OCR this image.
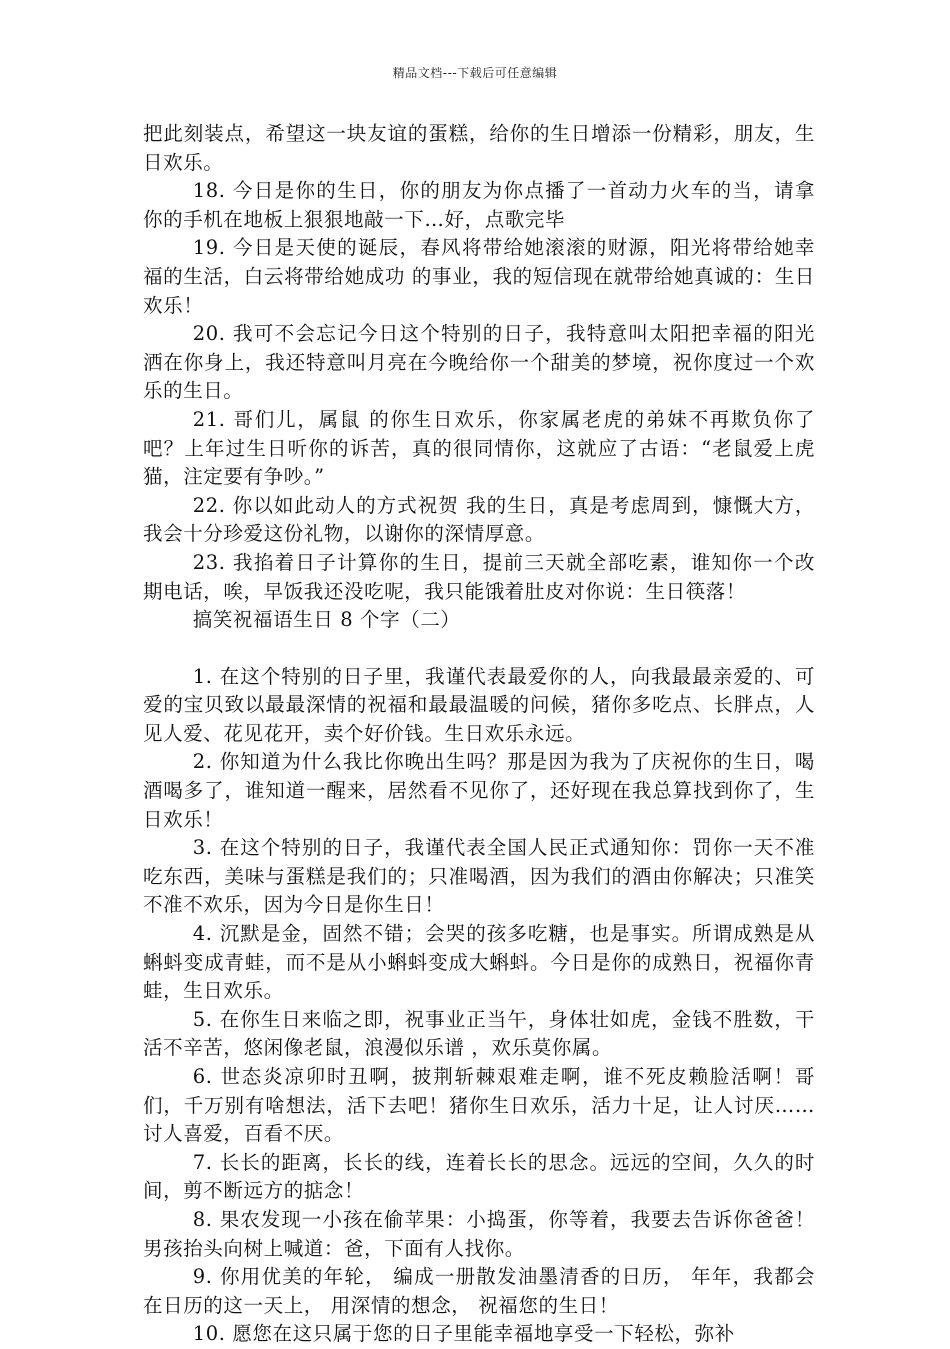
精品文档---下载后可任意编辑

把此刻装点，希望这一块友谊的蛋糕，给你的生日增添一份精彩，朋友，生日欢乐。

18. 今日是你的生日，你的朋友为你点播了一首动力火车的当，请拿你的手机在地板上狠狠地敲一下…好，点歌完毕

19. 今日是天使的诞辰，春风将带给她滚滚的财源，阳光将带给她幸福的生活，白云将带给她成功 的事业，我的短信现在就带给她真诚的：生日欢乐！

20. 我可不会忘记今日这个特别的日子，我特意叫太阳把幸福的阳光洒在你身上，我还特意叫月亮在今晚给你一个甜美的梦境，祝你度过一个欢乐的生日。

21. 哥们儿，属鼠 的你生日欢乐，你家属老虎的弟妹不再欺负你了吧？上年过生日听你的诉苦，真的很同情你，这就应了古语：“老鼠爱上虎猫，注定要有争吵。”

22. 你以如此动人的方式祝贺 我的生日，真是考虑周到，慷慨大方，我会十分珍爱这份礼物，以谢你的深情厚意。

23. 我掐着日子计算你的生日，提前三天就全部吃素，谁知你一个改期电话，唉，早饭我还没吃呢，我只能饿着肚皮对你说：生日筷落！

搞笑祝福语生日 8 个字（二）

1. 在这个特别的日子里，我谨代表最爱你的人，向我最最亲爱的、可爱的宝贝致以最最深情的祝福和最最温暖的问候，猪你多吃点、长胖点，人见人爱、花见花开，卖个好价钱。生日欢乐永远。

2. 你知道为什么我比你晚出生吗？那是因为我为了庆祝你的生日，喝酒喝多了，谁知道一醒来，居然看不见你了，还好现在我总算找到你了，生日欢乐！

3. 在这个特别的日子，我谨代表全国人民正式通知你：罚你一天不准吃东西，美味与蛋糕是我们的；只准喝酒，因为我们的酒由你解决；只准笑不准不欢乐，因为今日是你生日！

4. 沉默是金，固然不错；会哭的孩多吃糖，也是事实。所谓成熟是从蝌蚪变成青蛙，而不是从小蝌蚪变成大蝌蚪。今日是你的成熟日，祝福你青蛙，生日欢乐。

5. 在你生日来临之即，祝事业正当午，身体壮如虎，金钱不胜数，干活不辛苦，悠闲像老鼠，浪漫似乐谱 ，欢乐莫你属。

6. 世态炎凉卯时丑啊，披荆斩棘艰难走啊，谁不死皮赖脸活啊！哥们，千万别有啥想法，活下去吧！猪你生日欢乐，活力十足，让人讨厌……讨人喜爱，百看不厌。

7. 长长的距离，长长的线，连着长长的思念。远远的空间，久久的时间，剪不断远方的掂念！

8. 果农发现一小孩在偷苹果：小捣蛋，你等着，我要去告诉你爸爸！男孩抬头向树上喊道：爸，下面有人找你。

9. 你用优美的年轮， 编成一册散发油墨清香的日历， 年年，我都会在日历的这一天上， 用深情的想念， 祝福您的生日！

10. 愿您在这只属于您的日子里能幸福地享受一下轻松，弥补
